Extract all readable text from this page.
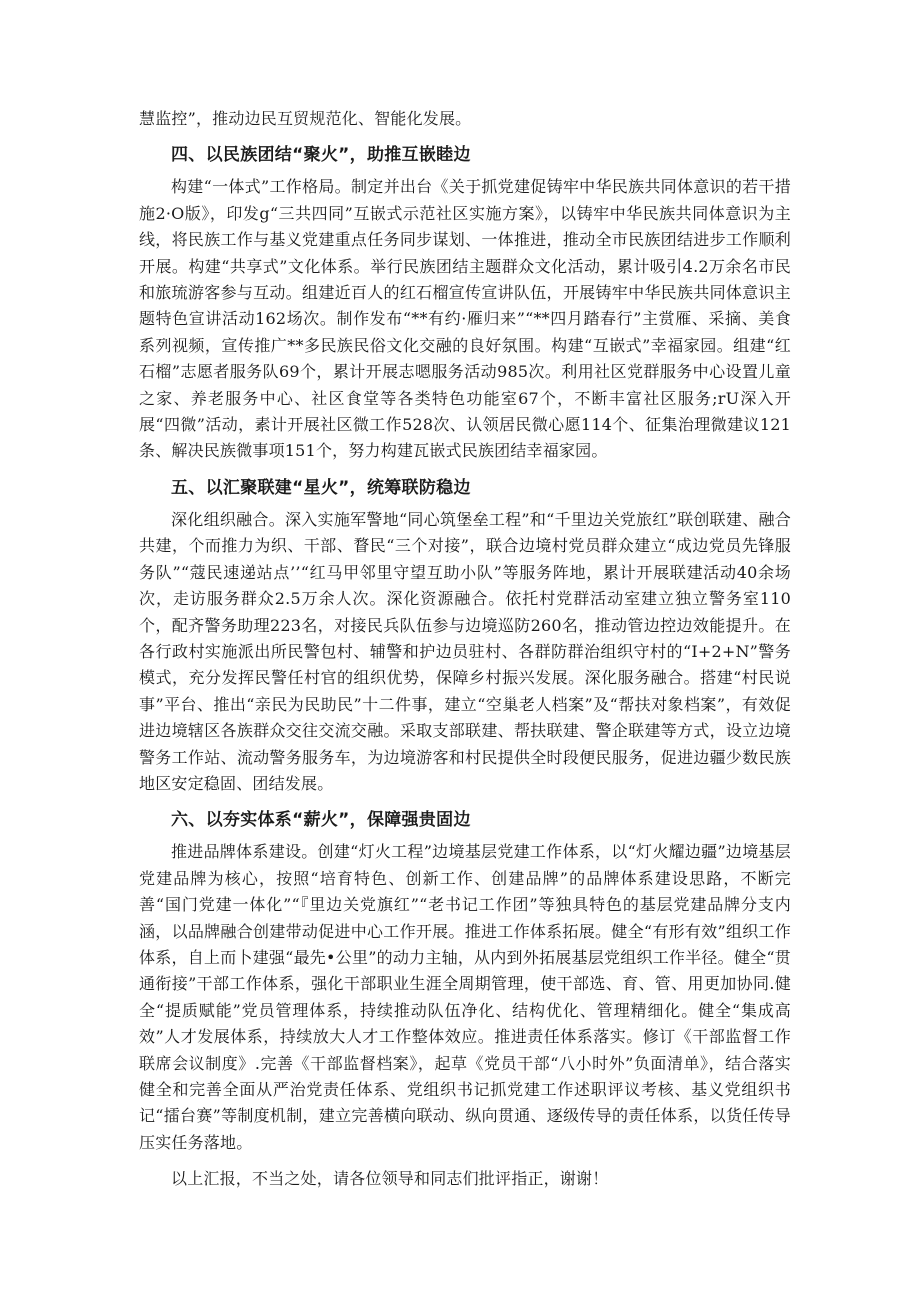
慧监控”，推动边民互贸规范化、智能化发展。

四、以民族团结“聚火”，助推互嵌睦边

构建“一体式”工作格局。制定并出台《关于抓党建促铸牢中华民族共同体意识的若干措施2·O版》，印发g“三共四同”互嵌式示范社区实施方案》，以铸牢中华民族共同体意识为主线，将民族工作与基义党建重点任务同步谋划、一体推进，推动全市民族团结进步工作顺利开展。构建“共享式”文化体系。举行民族团结主题群众文化活动，累计吸引4.2万余名市民和旅琉游客参与互动。组建近百人的红石榴宣传宣讲队伍，开展铸牢中华民族共同体意识主题特色宣讲活动162场次。制作发布“**有约·雁归来”“**四月踏春行”主赏雁、采摘、美食系列视频，宣传推广**多民族民俗文化交融的良好氛围。构建“互嵌式”幸福家园。组建“红石榴”志愿者服务队69个，累计开展志嗯服务活动985次。利用社区党群服务中心设置儿童之家、养老服务中心、社区食堂等各类特色功能室67个，不断丰富社区服务;rU深入开展“四微”活动，素计开展社区微工作528次、认领居民微心愿114个、征集治理微建议121条、解决民族微事项151个，努力构建瓦嵌式民族团结幸福家园。

五、以汇聚联建“星火”，统筹联防稳边

深化组织融合。深入实施军警地“同心筑堡垒工程”和“千里边关党旅红”联创联建、融合共建，个而推力为织、干部、瞀民“三个对接”，联合边境村党员群众建立“成边党员先锋服务队”“蔻民速递站点’’“红马甲邻里守望互助小队”等服务阵地，累计开展联建活动40余场次，走访服务群众2.5万余人次。深化资源融合。依托村党群活动室建立独立警务室110个，配齐警务助理223名，对接民兵队伍参与边境巡防260名，推动管边控边效能提升。在各行政村实施派出所民警包村、辅警和护边员驻村、各群防群治组织守村的“I+2+N”警务模式，充分发挥民警任村官的组织优势，保障乡村振兴发展。深化服务融合。搭建“村民说事”平台、推出“亲民为民助民”十二件事，建立“空巢老人档案”及“帮扶对象档案”，有效促进边境辖区各族群众交往交流交融。采取支部联建、帮扶联建、警企联建等方式，设立边境警务工作站、流动警务服务车，为边境游客和村民提供全时段便民服务，促进边疆少数民族地区安定稳固、团结发展。

六、以夯实体系“薪火”，保障强贵固边

推进品牌体系建设。创建“灯火工程”边境基层党建工作体系，以“灯火耀边疆”边境基层党建品牌为核心，按照“培育特色、创新工作、创建品牌”的品牌体系建设思路，不断完善“国门党建一体化”“『里边关党旗红”“老书记工作团”等独具特色的基层党建品牌分支内涵，以品牌融合创建带动促进中心工作开展。推进工作体系拓展。健全“有形有效”组织工作体系，自上而卜建强“最先•公里”的动力主轴，从内到外拓展基层党组织工作半径。健全“贯通衔接”干部工作体系，强化干部职业生涯全周期管理，使干部选、育、管、用更加协同.健全“提质赋能”党员管理体系，持续推动队伍净化、结构优化、管理精细化。健全“集成高效”人才发展体系，持续放大人才工作整体效应。推进责任体系落实。修订《干部监督工作联席会议制度》.完善《干部监督档案》，起草《党员干部“八小时外”负面清单》，结合落实健全和完善全面从严治党责任体系、党组织书记抓党建工作述职评议考核、基义党组织书记“擂台赛”等制度机制，建立完善横向联动、纵向贯通、逐级传导的责任体系，以货任传导压实任务落地。

以上汇报，不当之处，请各位领导和同志们批评指正，谢谢！
